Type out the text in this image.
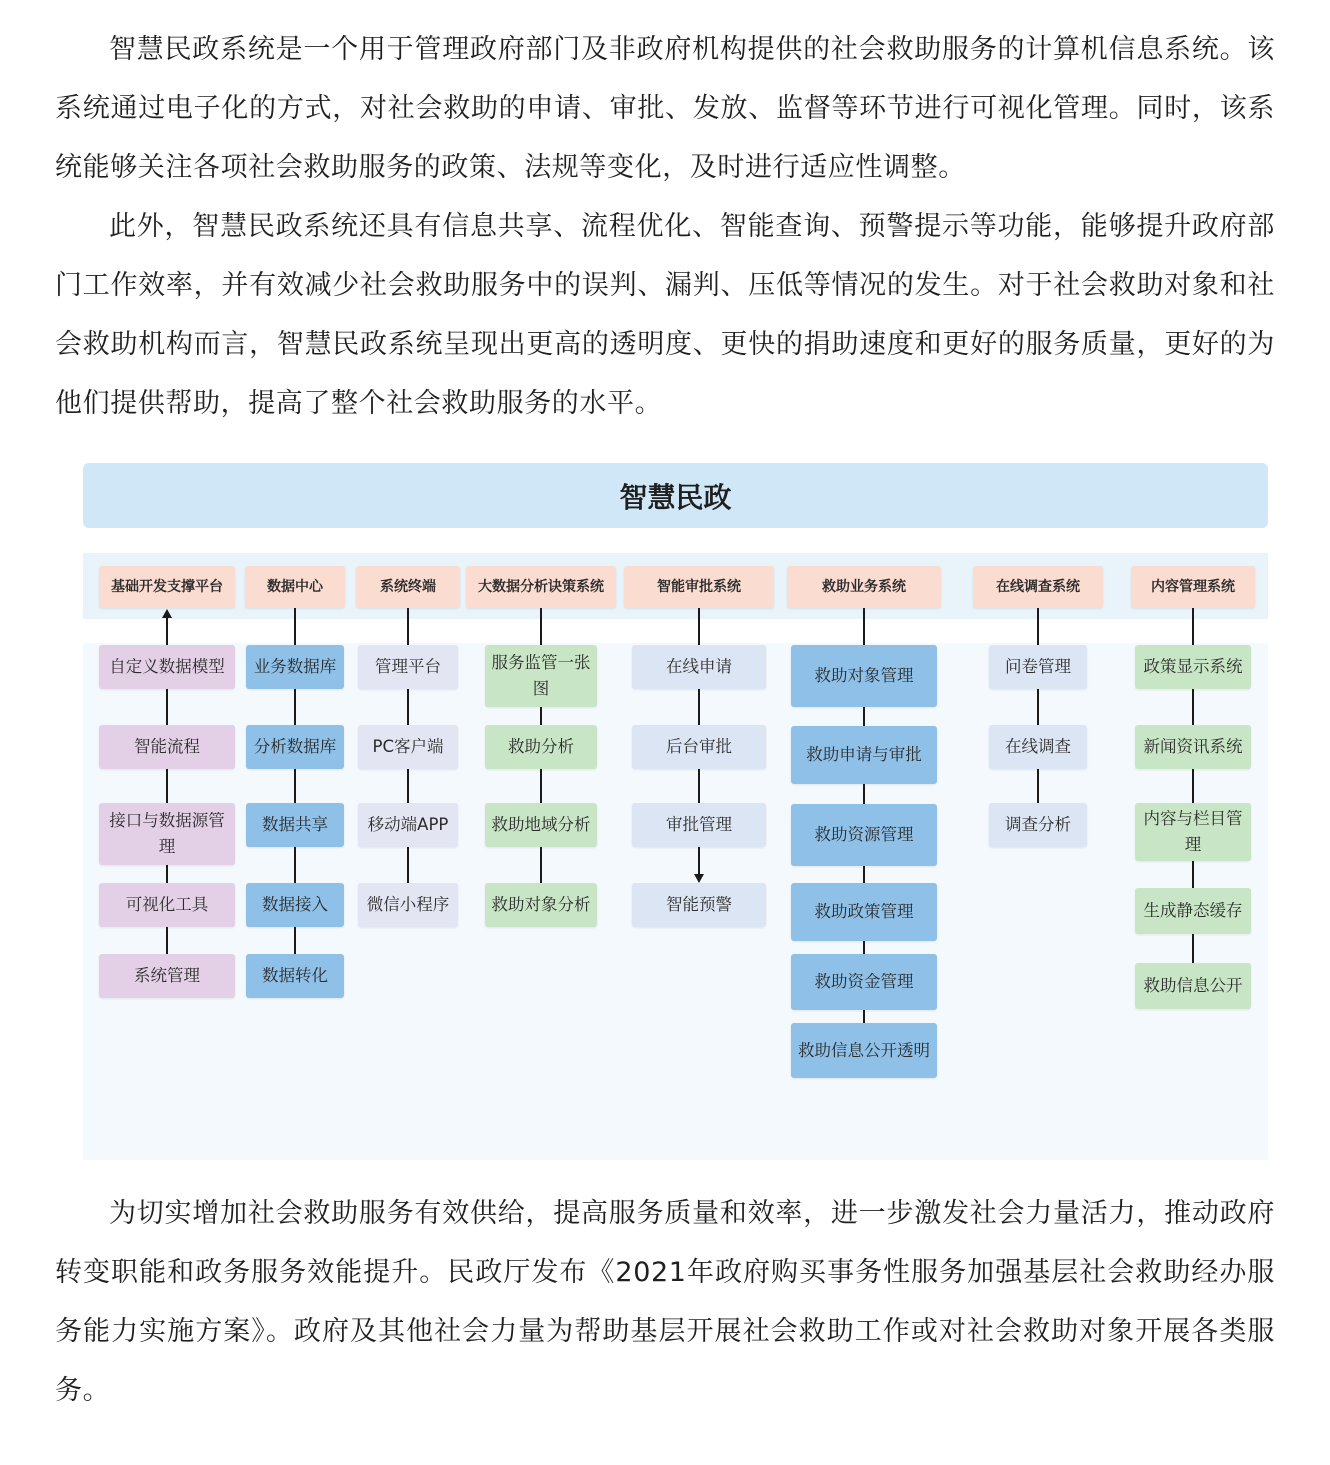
智慧民政系统是一个用于管理政府部门及非政府机构提供的社会救助服务的计算机信息系统。该系统通过电子化的方式，对社会救助的申请、审批、发放、监督等环节进行可视化管理。同时，该系统能够关注各项社会救助服务的政策、法规等变化，及时进行适应性调整。

此外，智慧民政系统还具有信息共享、流程优化、智能查询、预警提示等功能，能够提升政府部门工作效率，并有效减少社会救助服务中的误判、漏判、压低等情况的发生。对于社会救助对象和社会救助机构而言，智慧民政系统呈现出更高的透明度、更快的捐助速度和更好的服务质量，更好的为他们提供帮助，提高了整个社会救助服务的水平。

智慧民政
基础开发支撑平台
自定义数据模型
智能流程
接口与数据源管理
可视化工具
系统管理
数据中心
业务数据库
分析数据库
数据共享
数据接入
数据转化
系统终端
管理平台
PC客户端
移动端APP
微信小程序
大数据分析诀策系统
服务监管一张图
救助分析
救助地域分析
救助对象分析
智能审批系统
在线申请
后台审批
审批管理
智能预警
救助业务系统
救助对象管理
救助申请与审批
救助资源管理
救助政策管理
救助资金管理
救助信息公开透明
在线调查系统
问卷管理
在线调查
调查分析
内容管理系统
政策显示系统
新闻资讯系统
内容与栏目管理
生成静态缓存
救助信息公开

为切实增加社会救助服务有效供给，提高服务质量和效率，进一步激发社会力量活力，推动政府转变职能和政务服务效能提升。民政厅发布《2021年政府购买事务性服务加强基层社会救助经办服务能力实施方案》。政府及其他社会力量为帮助基层开展社会救助工作或对社会救助对象开展各类服务。
